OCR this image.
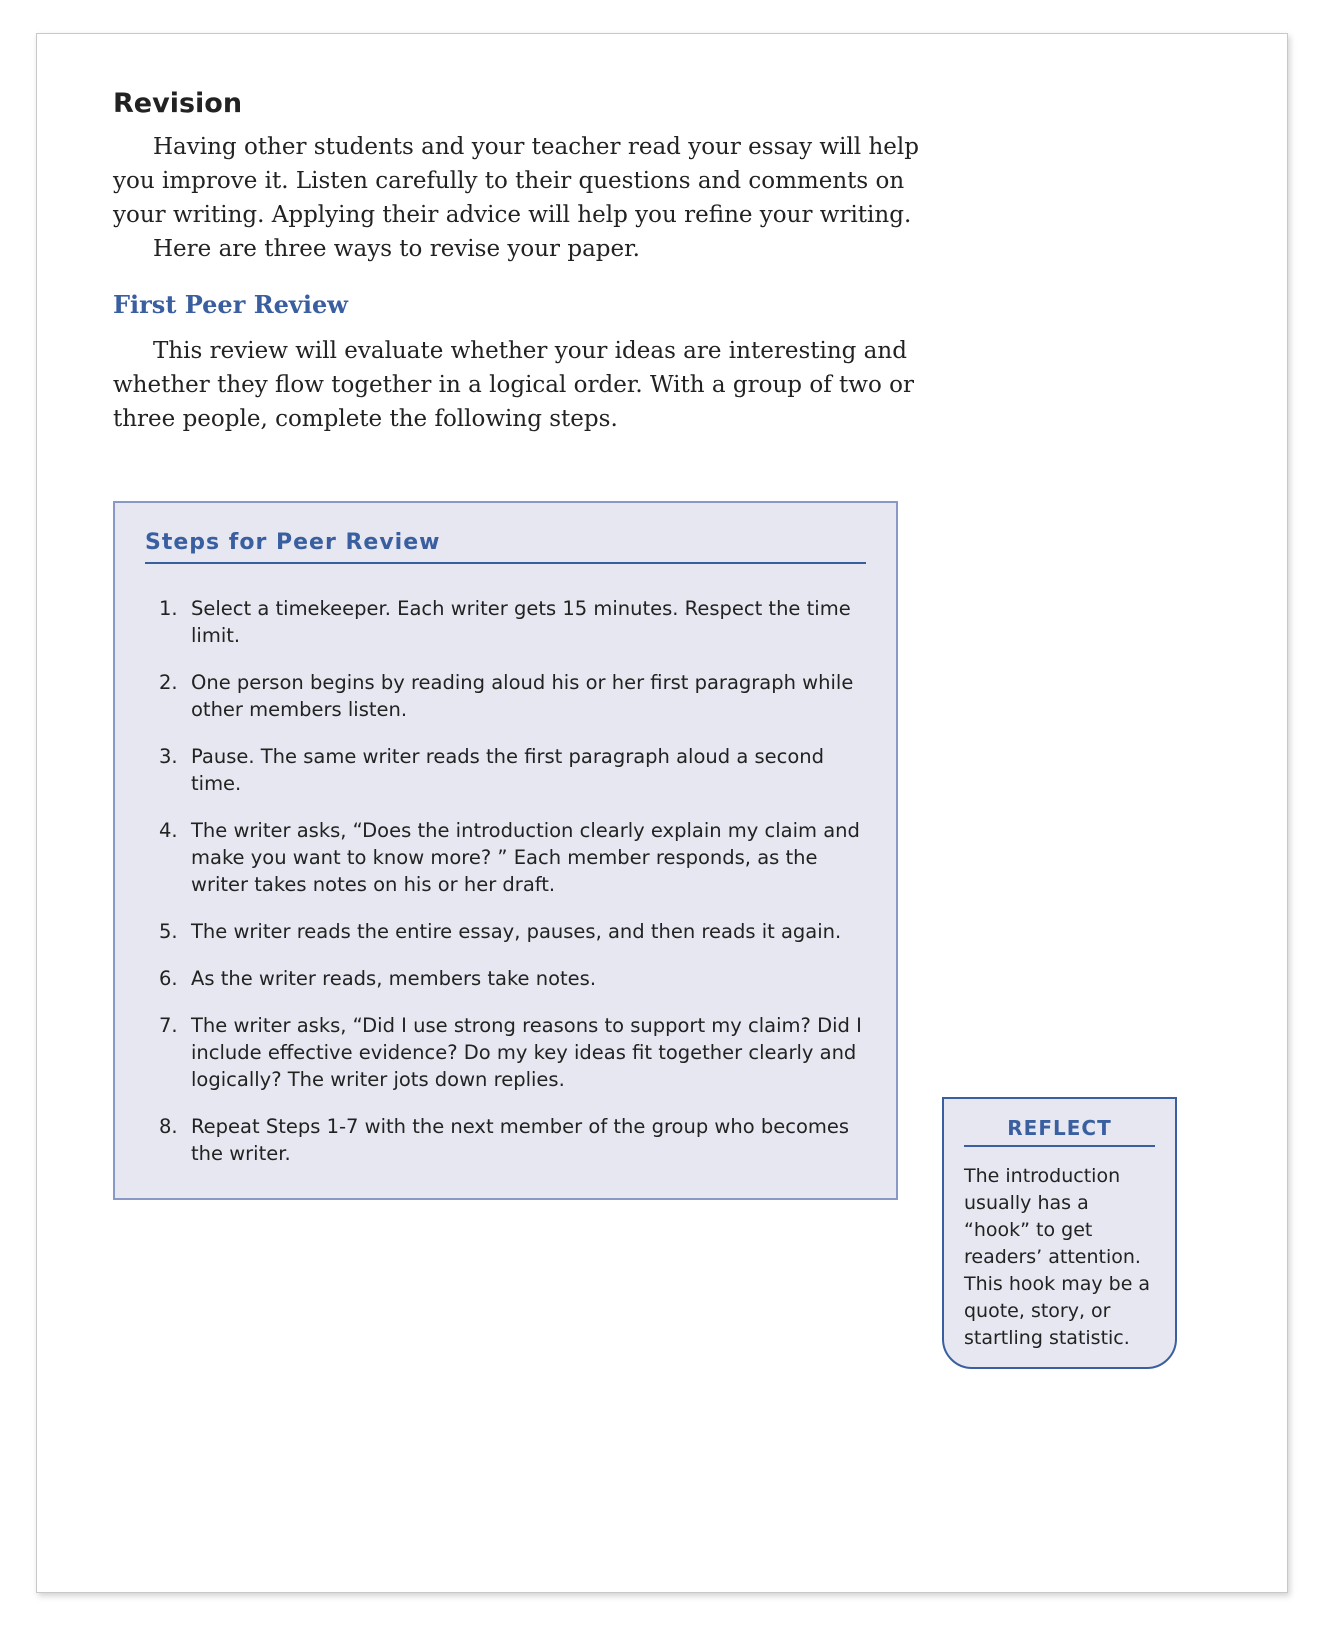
Revision

Having other students and your teacher read your essay will help you improve it. Listen carefully to their questions and comments on your writing. Applying their advice will help you refine your writing.

Here are three ways to revise your paper.

First Peer Review

This review will evaluate whether your ideas are interesting and whether they flow together in a logical order. With a group of two or three people, complete the following steps.

Steps for Peer Review
1. Select a timekeeper. Each writer gets 15 minutes. Respect the time limit.
2. One person begins by reading aloud his or her first paragraph while other members listen.
3. Pause. The same writer reads the first paragraph aloud a second time.
4. The writer asks, “Does the introduction clearly explain my claim and make you want to know more? ” Each member responds, as the writer takes notes on his or her draft.
5. The writer reads the entire essay, pauses, and then reads it again.
6. As the writer reads, members take notes.
7. The writer asks, “Did I use strong reasons to support my claim? Did I include effective evidence? Do my key ideas fit together clearly and logically? The writer jots down replies.
8. Repeat Steps 1-7 with the next member of the group who becomes the writer.
REFLECT

The introduction usually has a “hook” to get readers’ attention. This hook may be a quote, story, or startling statistic.
